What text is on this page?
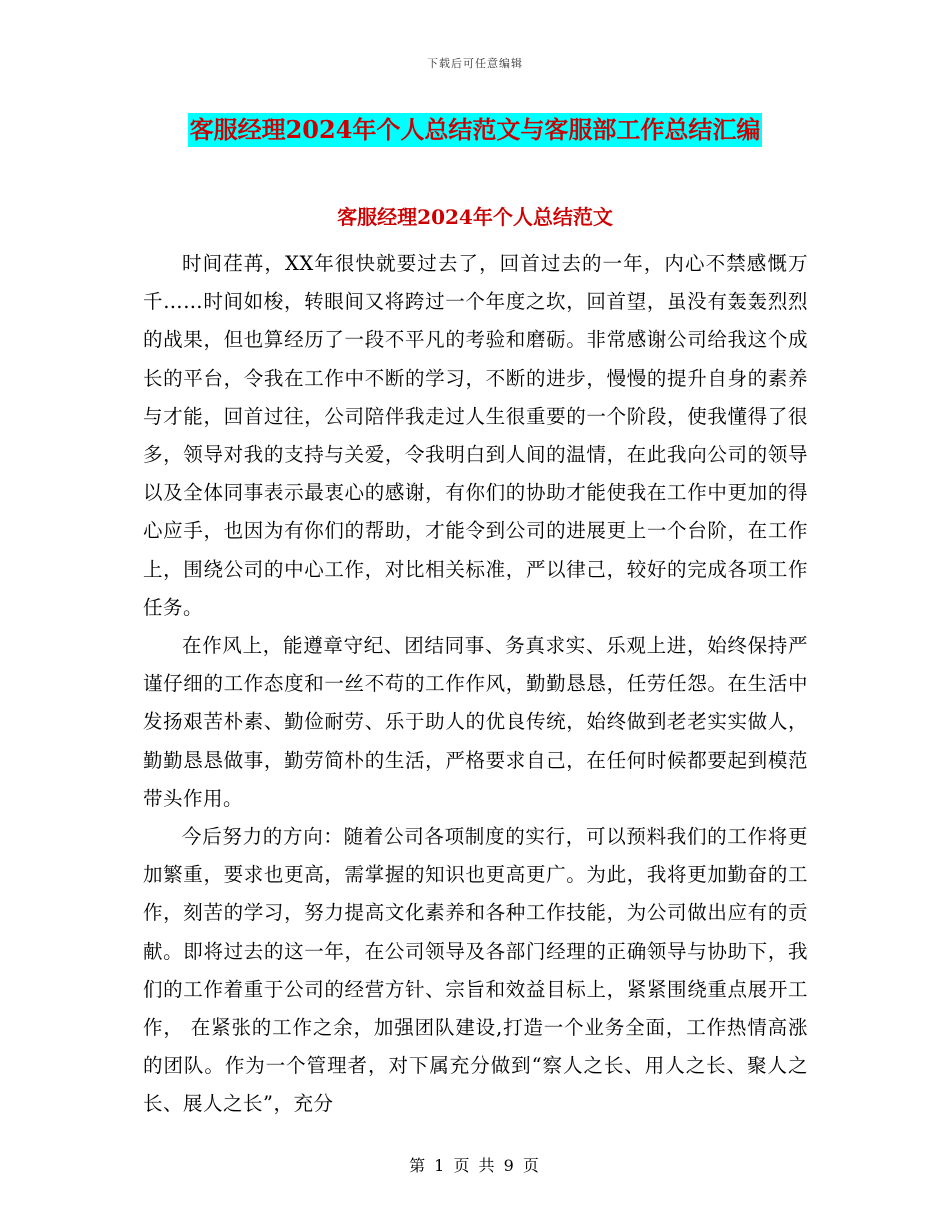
下载后可任意编辑
客服经理2024年个人总结范文与客服部工作总结汇编
客服经理2024年个人总结范文

时间荏苒，XX年很快就要过去了，回首过去的一年，内心不禁感慨万千……时间如梭，转眼间又将跨过一个年度之坎，回首望，虽没有轰轰烈烈的战果，但也算经历了一段不平凡的考验和磨砺。非常感谢公司给我这个成长的平台，令我在工作中不断的学习，不断的进步，慢慢的提升自身的素养与才能，回首过往，公司陪伴我走过人生很重要的一个阶段，使我懂得了很多，领导对我的支持与关爱，令我明白到人间的温情，在此我向公司的领导以及全体同事表示最衷心的感谢，有你们的协助才能使我在工作中更加的得心应手，也因为有你们的帮助，才能令到公司的进展更上一个台阶，在工作上，围绕公司的中心工作，对比相关标准，严以律己，较好的完成各项工作任务。

在作风上，能遵章守纪、团结同事、务真求实、乐观上进，始终保持严谨仔细的工作态度和一丝不苟的工作作风，勤勤恳恳，任劳任怨。在生活中发扬艰苦朴素、勤俭耐劳、乐于助人的优良传统，始终做到老老实实做人，勤勤恳恳做事，勤劳简朴的生活，严格要求自己，在任何时候都要起到模范带头作用。

今后努力的方向：随着公司各项制度的实行，可以预料我们的工作将更加繁重，要求也更高，需掌握的知识也更高更广。为此，我将更加勤奋的工作，刻苦的学习，努力提高文化素养和各种工作技能，为公司做出应有的贡献。即将过去的这一年，在公司领导及各部门经理的正确领导与协助下，我们的工作着重于公司的经营方针、宗旨和效益目标上，紧紧围绕重点展开工作， 在紧张的工作之余，加强团队建设,打造一个业务全面，工作热情高涨的团队。作为一个管理者，对下属充分做到“察人之长、用人之长、聚人之长、展人之长”，充分

第 1 页 共 9 页
